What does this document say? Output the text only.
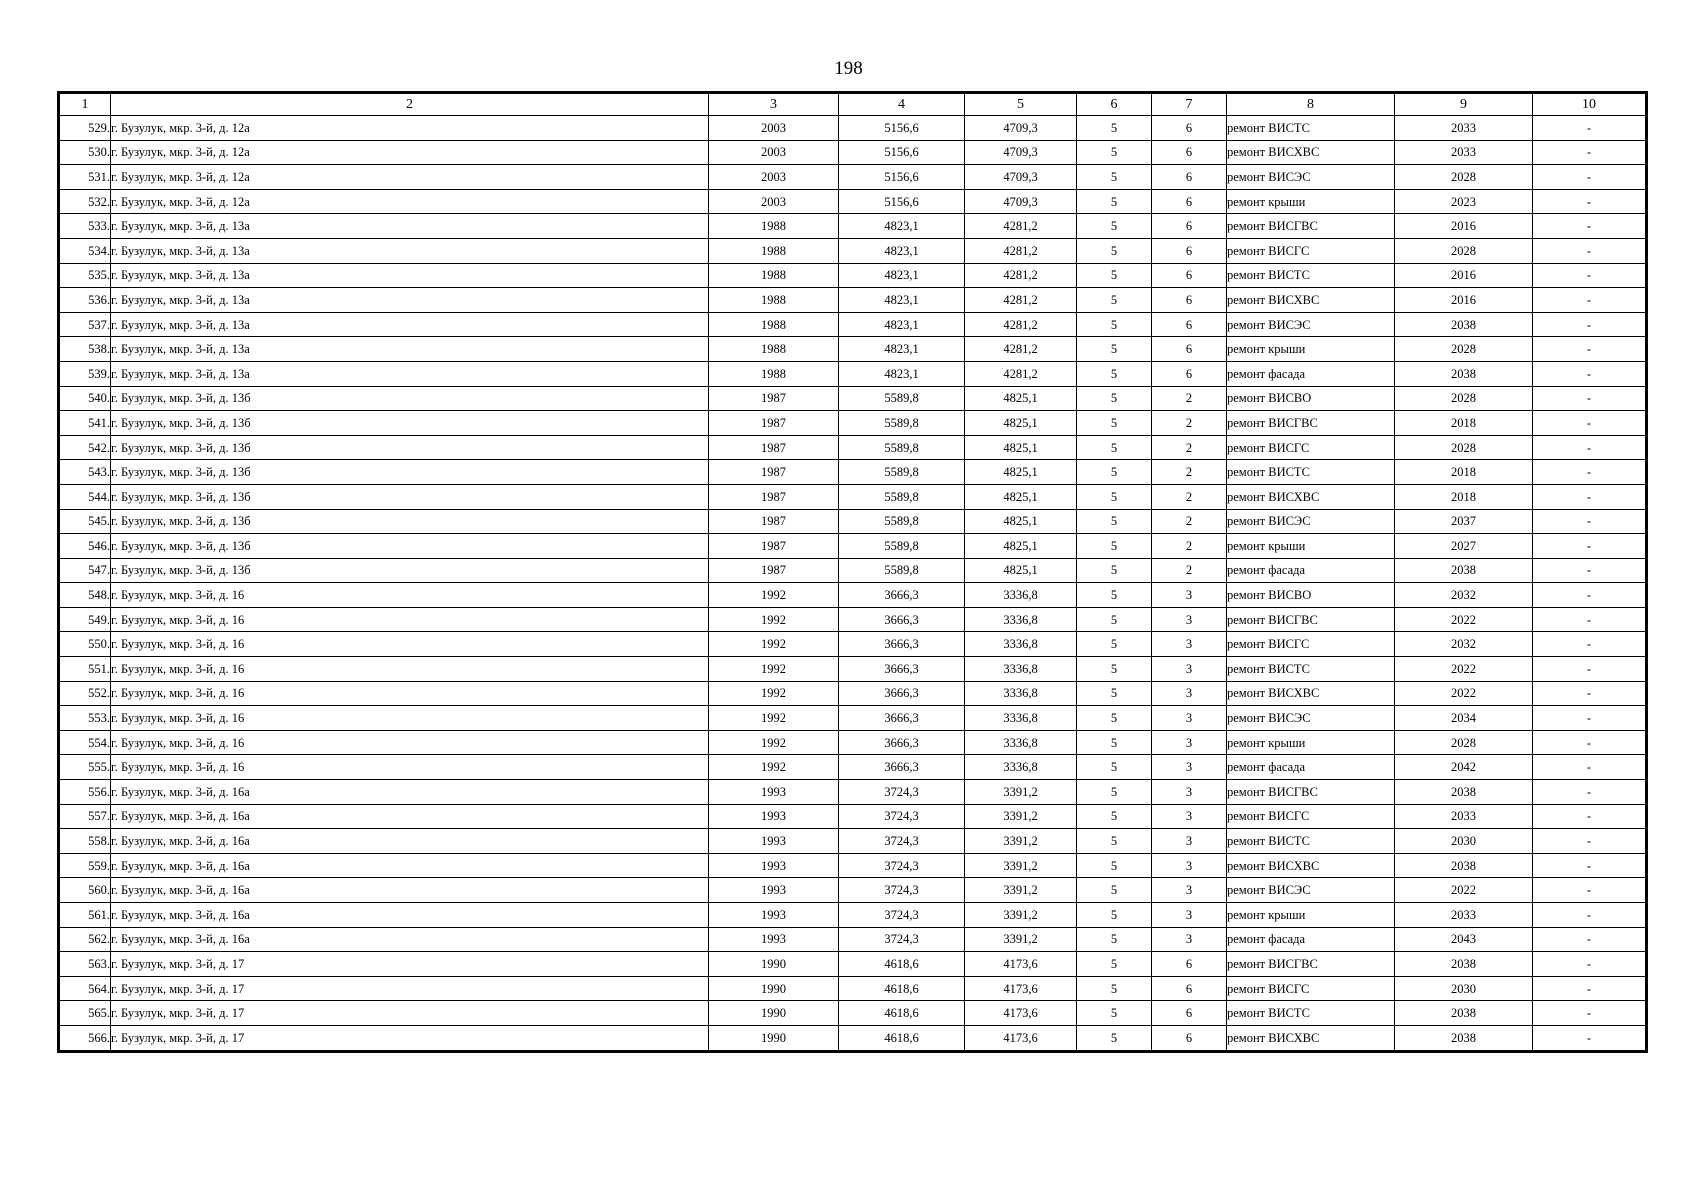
198
1	2	3	4	5	6	7	8	9	10
529.	г. Бузулук, мкр. 3-й, д. 12а	2003	5156,6	4709,3	5	6	ремонт ВИСТС	2033	-
530.	г. Бузулук, мкр. 3-й, д. 12а	2003	5156,6	4709,3	5	6	ремонт ВИСХВС	2033	-
531.	г. Бузулук, мкр. 3-й, д. 12а	2003	5156,6	4709,3	5	6	ремонт ВИСЭС	2028	-
532.	г. Бузулук, мкр. 3-й, д. 12а	2003	5156,6	4709,3	5	6	ремонт крыши	2023	-
533.	г. Бузулук, мкр. 3-й, д. 13а	1988	4823,1	4281,2	5	6	ремонт ВИСГВС	2016	-
534.	г. Бузулук, мкр. 3-й, д. 13а	1988	4823,1	4281,2	5	6	ремонт ВИСГС	2028	-
535.	г. Бузулук, мкр. 3-й, д. 13а	1988	4823,1	4281,2	5	6	ремонт ВИСТС	2016	-
536.	г. Бузулук, мкр. 3-й, д. 13а	1988	4823,1	4281,2	5	6	ремонт ВИСХВС	2016	-
537.	г. Бузулук, мкр. 3-й, д. 13а	1988	4823,1	4281,2	5	6	ремонт ВИСЭС	2038	-
538.	г. Бузулук, мкр. 3-й, д. 13а	1988	4823,1	4281,2	5	6	ремонт крыши	2028	-
539.	г. Бузулук, мкр. 3-й, д. 13а	1988	4823,1	4281,2	5	6	ремонт фасада	2038	-
540.	г. Бузулук, мкр. 3-й, д. 13б	1987	5589,8	4825,1	5	2	ремонт ВИСВО	2028	-
541.	г. Бузулук, мкр. 3-й, д. 13б	1987	5589,8	4825,1	5	2	ремонт ВИСГВС	2018	-
542.	г. Бузулук, мкр. 3-й, д. 13б	1987	5589,8	4825,1	5	2	ремонт ВИСГС	2028	-
543.	г. Бузулук, мкр. 3-й, д. 13б	1987	5589,8	4825,1	5	2	ремонт ВИСТС	2018	-
544.	г. Бузулук, мкр. 3-й, д. 13б	1987	5589,8	4825,1	5	2	ремонт ВИСХВС	2018	-
545.	г. Бузулук, мкр. 3-й, д. 13б	1987	5589,8	4825,1	5	2	ремонт ВИСЭС	2037	-
546.	г. Бузулук, мкр. 3-й, д. 13б	1987	5589,8	4825,1	5	2	ремонт крыши	2027	-
547.	г. Бузулук, мкр. 3-й, д. 13б	1987	5589,8	4825,1	5	2	ремонт фасада	2038	-
548.	г. Бузулук, мкр. 3-й, д. 16	1992	3666,3	3336,8	5	3	ремонт ВИСВО	2032	-
549.	г. Бузулук, мкр. 3-й, д. 16	1992	3666,3	3336,8	5	3	ремонт ВИСГВС	2022	-
550.	г. Бузулук, мкр. 3-й, д. 16	1992	3666,3	3336,8	5	3	ремонт ВИСГС	2032	-
551.	г. Бузулук, мкр. 3-й, д. 16	1992	3666,3	3336,8	5	3	ремонт ВИСТС	2022	-
552.	г. Бузулук, мкр. 3-й, д. 16	1992	3666,3	3336,8	5	3	ремонт ВИСХВС	2022	-
553.	г. Бузулук, мкр. 3-й, д. 16	1992	3666,3	3336,8	5	3	ремонт ВИСЭС	2034	-
554.	г. Бузулук, мкр. 3-й, д. 16	1992	3666,3	3336,8	5	3	ремонт крыши	2028	-
555.	г. Бузулук, мкр. 3-й, д. 16	1992	3666,3	3336,8	5	3	ремонт фасада	2042	-
556.	г. Бузулук, мкр. 3-й, д. 16а	1993	3724,3	3391,2	5	3	ремонт ВИСГВС	2038	-
557.	г. Бузулук, мкр. 3-й, д. 16а	1993	3724,3	3391,2	5	3	ремонт ВИСГС	2033	-
558.	г. Бузулук, мкр. 3-й, д. 16а	1993	3724,3	3391,2	5	3	ремонт ВИСТС	2030	-
559.	г. Бузулук, мкр. 3-й, д. 16а	1993	3724,3	3391,2	5	3	ремонт ВИСХВС	2038	-
560.	г. Бузулук, мкр. 3-й, д. 16а	1993	3724,3	3391,2	5	3	ремонт ВИСЭС	2022	-
561.	г. Бузулук, мкр. 3-й, д. 16а	1993	3724,3	3391,2	5	3	ремонт крыши	2033	-
562.	г. Бузулук, мкр. 3-й, д. 16а	1993	3724,3	3391,2	5	3	ремонт фасада	2043	-
563.	г. Бузулук, мкр. 3-й, д. 17	1990	4618,6	4173,6	5	6	ремонт ВИСГВС	2038	-
564.	г. Бузулук, мкр. 3-й, д. 17	1990	4618,6	4173,6	5	6	ремонт ВИСГС	2030	-
565.	г. Бузулук, мкр. 3-й, д. 17	1990	4618,6	4173,6	5	6	ремонт ВИСТС	2038	-
566.	г. Бузулук, мкр. 3-й, д. 17	1990	4618,6	4173,6	5	6	ремонт ВИСХВС	2038	-
